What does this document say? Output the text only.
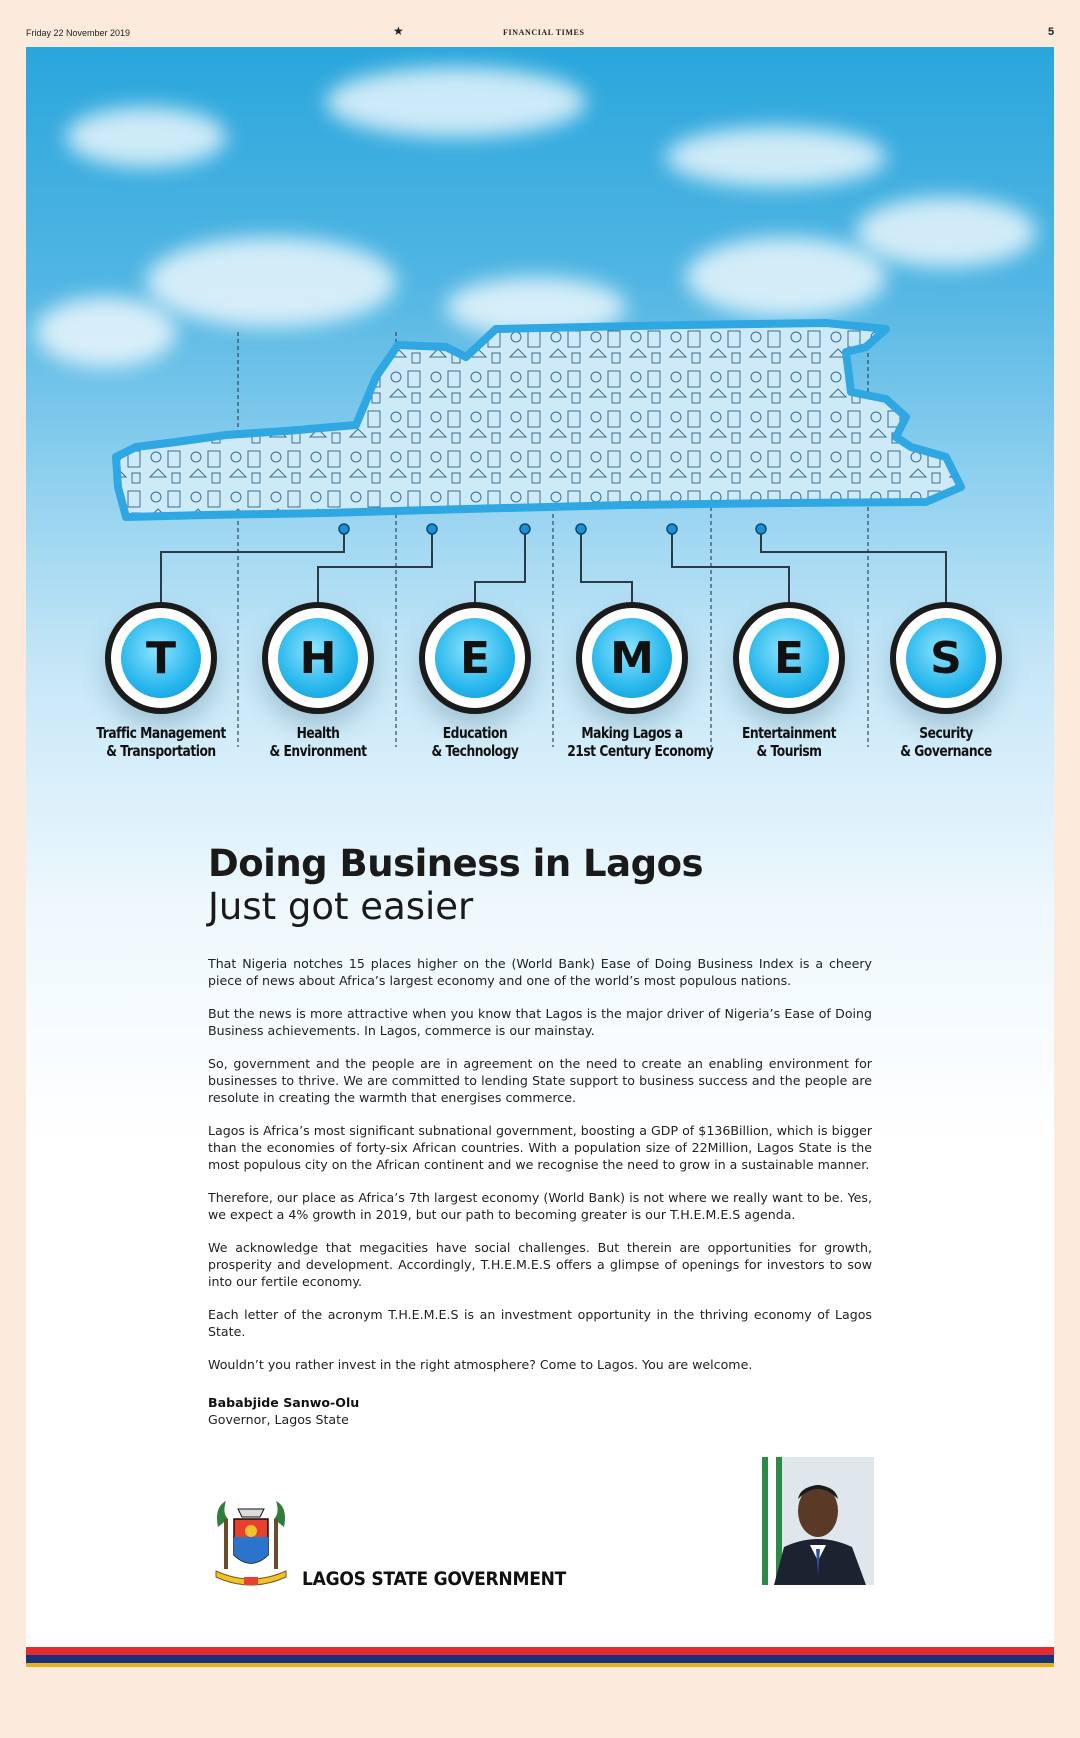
Friday 22 November 2019	★	FINANCIAL TIMES	5
T
Traffic Management
& Transportation
H
Health
& Environment
E
Education
& Technology
M
Making Lagos a
21st Century Economy
E
Entertainment
& Tourism
S
Security
& Governance
Doing Business in Lagos
Just got easier

That Nigeria notches 15 places higher on the (World Bank) Ease of Doing Business Index is a cheery piece of news about Africa’s largest economy and one of the world’s most populous nations.

But the news is more attractive when you know that Lagos is the major driver of Nigeria’s Ease of Doing Business achievements. In Lagos, commerce is our mainstay.

So, government and the people are in agreement on the need to create an enabling environment for businesses to thrive. We are committed to lending State support to business success and the people are resolute in creating the warmth that energises commerce.

Lagos is Africa’s most significant subnational government, boosting a GDP of $136Billion, which is bigger than the economies of forty-six African countries. With a population size of 22Million, Lagos State is the most populous city on the African continent and we recognise the need to grow in a sustainable manner.

Therefore, our place as Africa’s 7th largest economy (World Bank) is not where we really want to be. Yes, we expect a 4% growth in 2019, but our path to becoming greater is our T.H.E.M.E.S agenda.

We acknowledge that megacities have social challenges. But therein are opportunities for growth, prosperity and development. Accordingly, T.H.E.M.E.S offers a glimpse of openings for investors to sow into our fertile economy.

Each letter of the acronym T.H.E.M.E.S is an investment opportunity in the thriving economy of Lagos State.

Wouldn’t you rather invest in the right atmosphere? Come to Lagos. You are welcome.

Bababjide Sanwo-Olu
Governor, Lagos State
LAGOS STATE GOVERNMENT
